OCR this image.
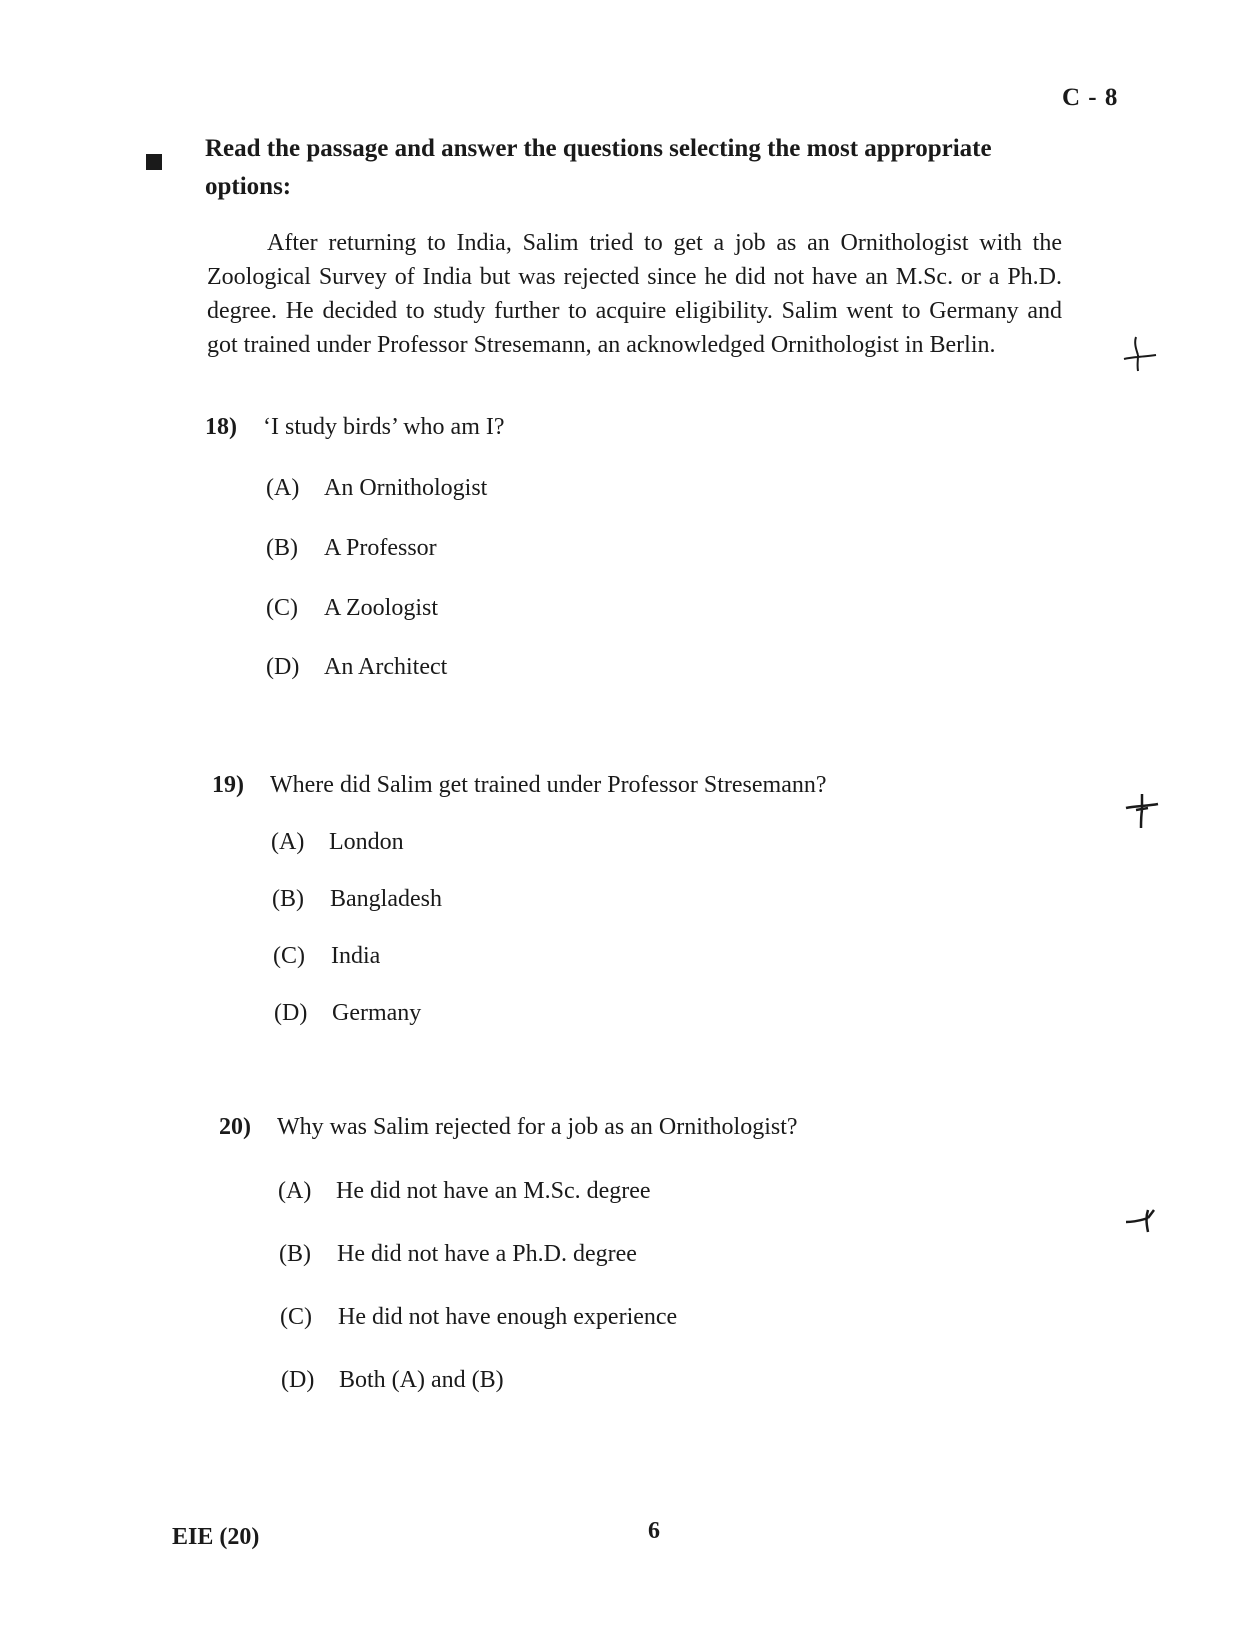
C - 8
Read the passage and answer the questions selecting the most appropriate options:
After returning to India, Salim tried to get a job as an Ornithologist with the Zoological Survey of India but was rejected since he did not have an M.Sc. or a Ph.D. degree. He decided to study further to acquire eligibility. Salim went to Germany and got trained under Professor Stresemann, an acknowledged Ornithologist in Berlin.
18) ‘I study birds’ who am I?
(A) An Ornithologist
(B) A Professor
(C) A Zoologist
(D) An Architect
19) Where did Salim get trained under Professor Stresemann?
(A) London
(B) Bangladesh
(C) India
(D) Germany
20) Why was Salim rejected for a job as an Ornithologist?
(A) He did not have an M.Sc. degree
(B) He did not have a Ph.D. degree
(C) He did not have enough experience
(D) Both (A) and (B)
EIE (20)	6
